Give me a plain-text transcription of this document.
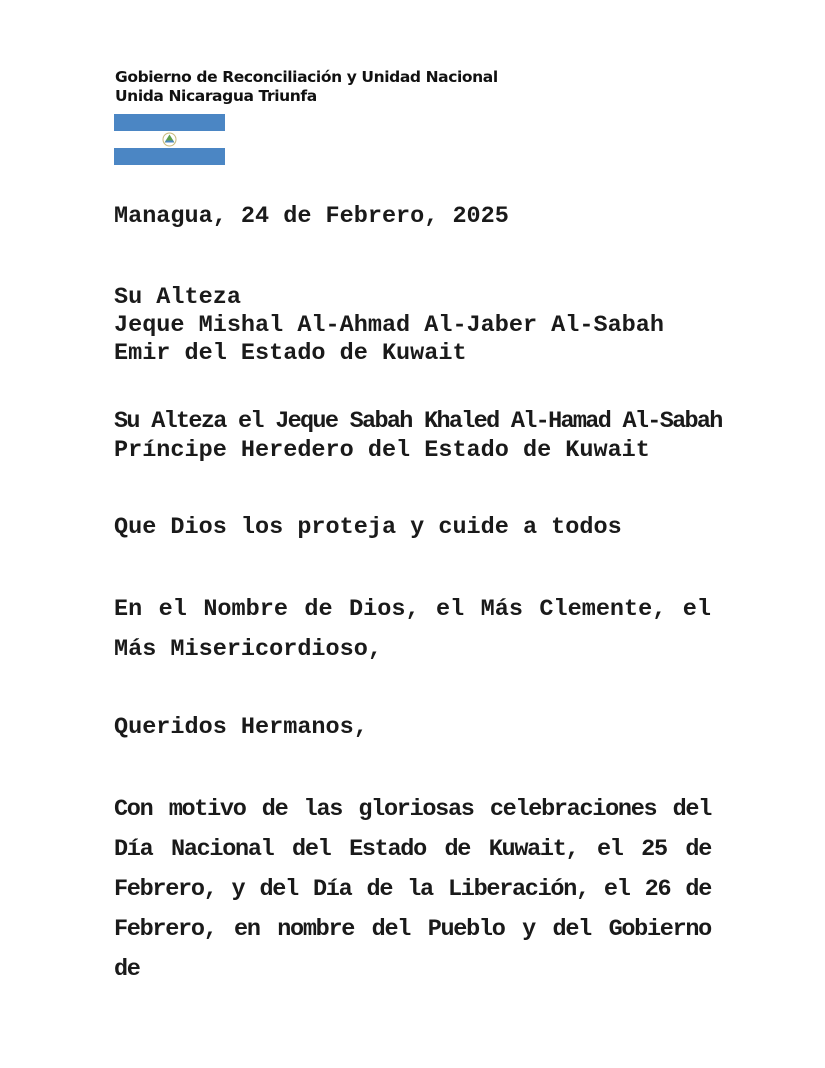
Gobierno de Reconciliación y Unidad Nacional
Unida Nicaragua Triunfa
Managua, 24 de Febrero, 2025
Su Alteza
Jeque Mishal Al-Ahmad Al-Jaber Al-Sabah
Emir del Estado de Kuwait
Su Alteza el Jeque Sabah Khaled Al-Hamad Al-Sabah
Príncipe Heredero del Estado de Kuwait
Que Dios los proteja y cuide a todos
En el Nombre de Dios, el Más Clemente, el
Más Misericordioso,
Queridos Hermanos,
Con motivo de las gloriosas celebraciones del
Día Nacional del Estado de Kuwait, el 25 de
Febrero, y del Día de la Liberación, el 26 de
Febrero, en nombre del Pueblo y del Gobierno de
